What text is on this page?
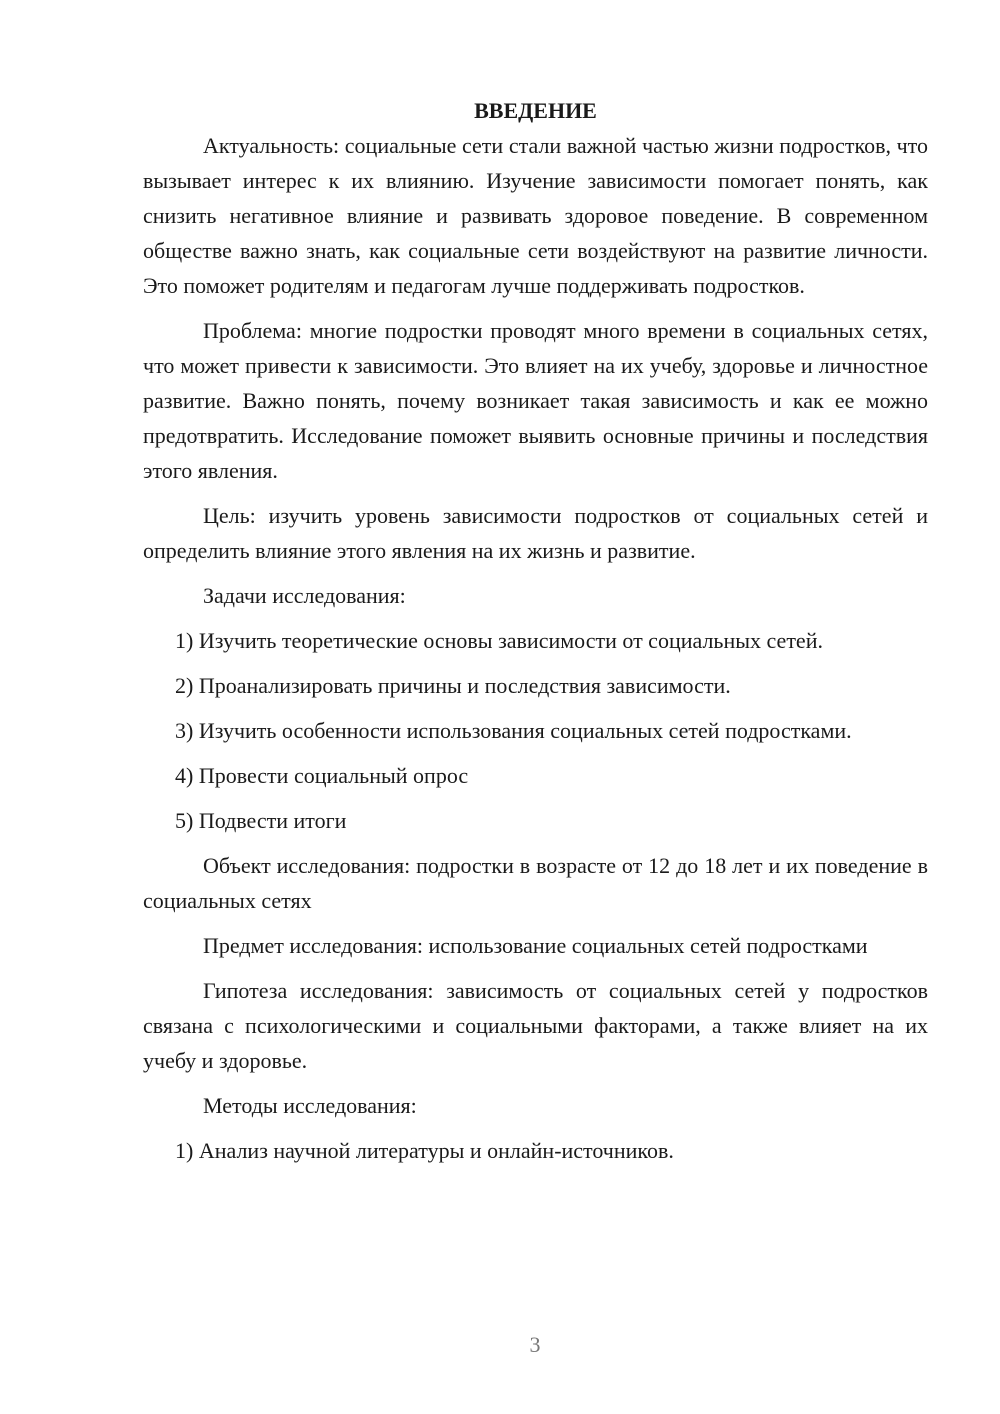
ВВЕДЕНИЕ

Актуальность: социальные сети стали важной частью жизни подростков, что вызывает интерес к их влиянию. Изучение зависимости помогает понять, как снизить негативное влияние и развивать здоровое поведение. В современном обществе важно знать, как социальные сети воздействуют на развитие личности. Это поможет родителям и педагогам лучше поддерживать подростков.

Проблема: многие подростки проводят много времени в социальных сетях, что может привести к зависимости. Это влияет на их учебу, здоровье и личностное развитие. Важно понять, почему возникает такая зависимость и как ее можно предотвратить. Исследование поможет выявить основные причины и последствия этого явления.

Цель: изучить уровень зависимости подростков от социальных сетей и определить влияние этого явления на их жизнь и развитие.

Задачи исследования:

1) Изучить теоретические основы зависимости от социальных сетей.

2) Проанализировать причины и последствия зависимости.

3) Изучить особенности использования социальных сетей подростками.

4) Провести социальный опрос

5) Подвести итоги

Объект исследования: подростки в возрасте от 12 до 18 лет и их поведение в социальных сетях

Предмет исследования: использование социальных сетей подростками

Гипотеза исследования: зависимость от социальных сетей у подростков связана с психологическими и социальными факторами, а также влияет на их учебу и здоровье.

Методы исследования:

1) Анализ научной литературы и онлайн-источников.

3
